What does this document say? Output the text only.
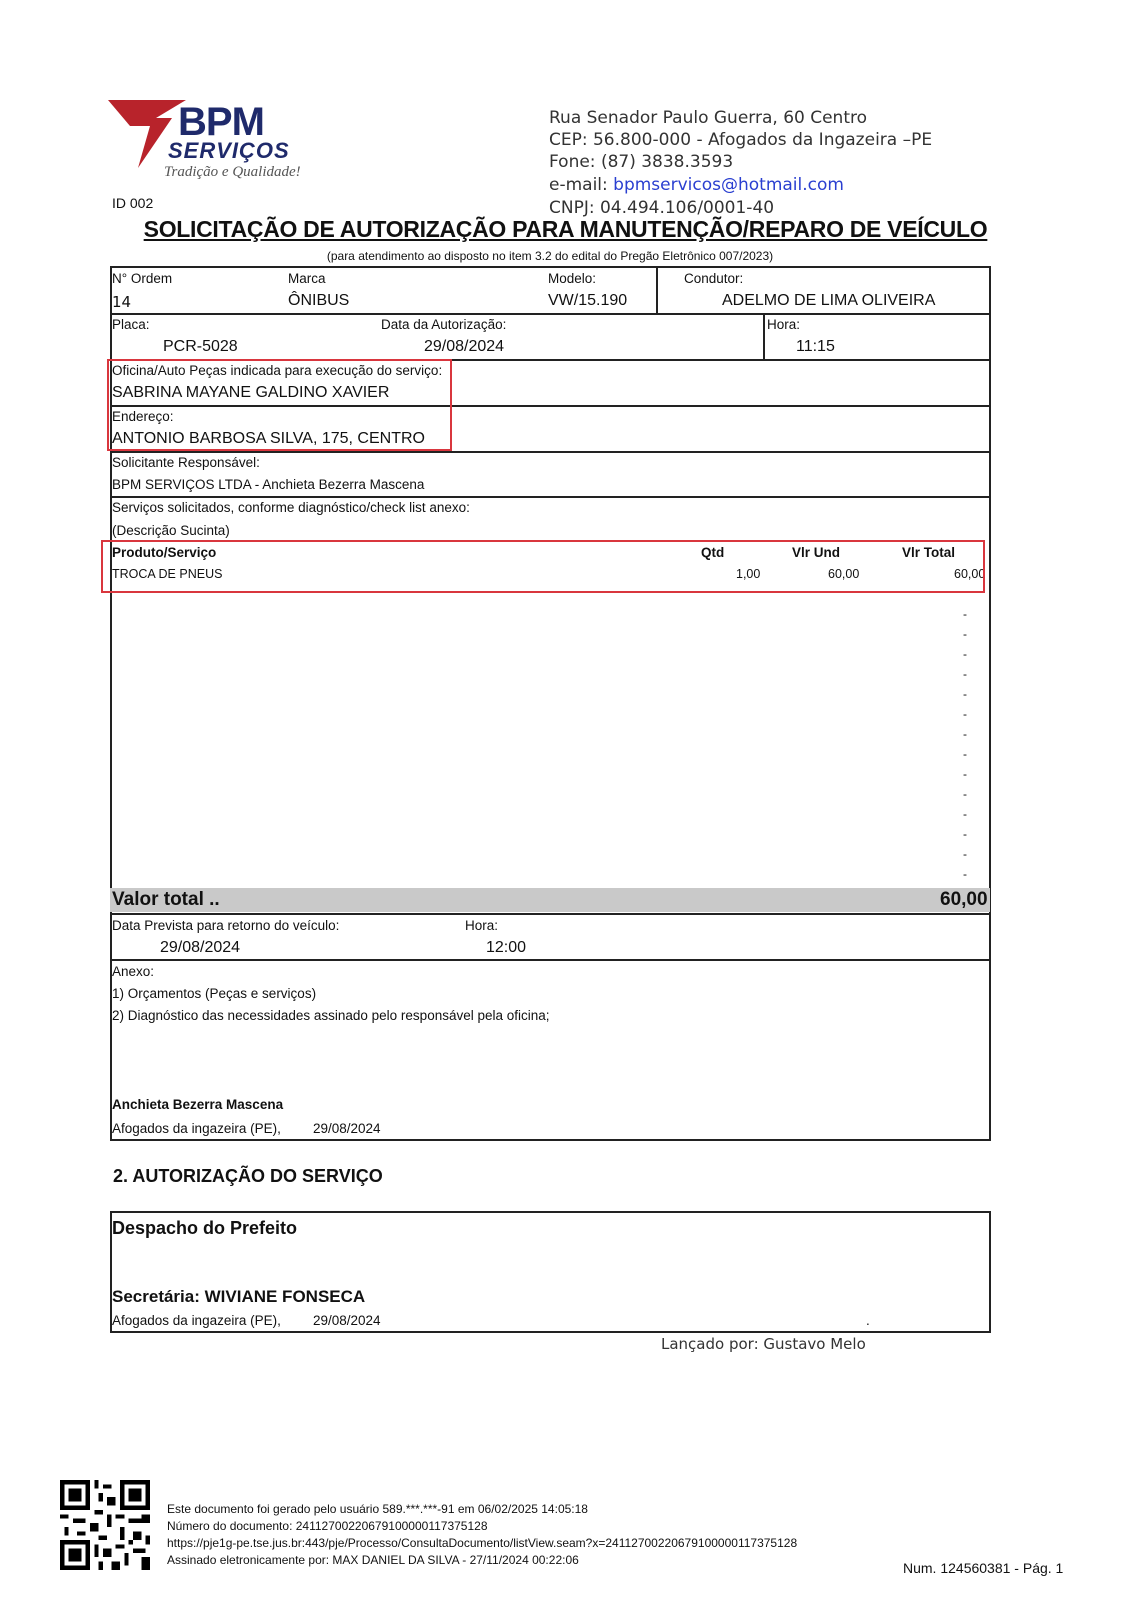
BPM
SERVIÇOS
Tradição e Qualidade!
Rua Senador Paulo Guerra, 60 Centro
CEP: 56.800-000 - Afogados da Ingazeira –PE
Fone: (87) 3838.3593
e-mail: bpmservicos@hotmail.com
CNPJ: 04.494.106/0001-40
ID 002
SOLICITAÇÃO DE AUTORIZAÇÃO PARA MANUTENÇÃO/REPARO DE VEÍCULO
(para atendimento ao disposto no item 3.2 do edital do Pregão Eletrônico 007/2023)
N° Ordem
14
Marca
ÔNIBUS
Modelo:
VW/15.190
Condutor:
ADELMO DE LIMA OLIVEIRA
Placa:
PCR-5028
Data da Autorização:
29/08/2024
Hora:
11:15
Oficina/Auto Peças indicada para execução do serviço:
SABRINA MAYANE GALDINO XAVIER
Endereço:
ANTONIO BARBOSA SILVA, 175, CENTRO
Solicitante Responsável:
BPM SERVIÇOS LTDA - Anchieta Bezerra Mascena
Serviços solicitados, conforme diagnóstico/check list anexo:
(Descrição Sucinta)
Produto/Serviço	Qtd	Vlr Und	Vlr Total
TROCA DE PNEUS	1,00	60,00	60,00
-
-
-
-
-
-
-
-
-
-
-
-
-
-
Valor total ..	60,00
Data Prevista para retorno do veículo:
29/08/2024
Hora:
12:00
Anexo:
1) Orçamentos (Peças e serviços)
2) Diagnóstico das necessidades assinado pelo responsável pela oficina;
Anchieta Bezerra Mascena
Afogados da ingazeira (PE), 29/08/2024
2. AUTORIZAÇÃO DO SERVIÇO
Despacho do Prefeito
Secretária: WIVIANE FONSECA
Afogados da ingazeira (PE), 29/08/2024	.
Lançado por: Gustavo Melo
Este documento foi gerado pelo usuário 589.***.***-91 em 06/02/2025 14:05:18
Número do documento: 24112700220679100000117375128
https://pje1g-pe.tse.jus.br:443/pje/Processo/ConsultaDocumento/listView.seam?x=24112700220679100000117375128
Assinado eletronicamente por: MAX DANIEL DA SILVA - 27/11/2024 00:22:06	Num. 124560381 - Pág. 1
